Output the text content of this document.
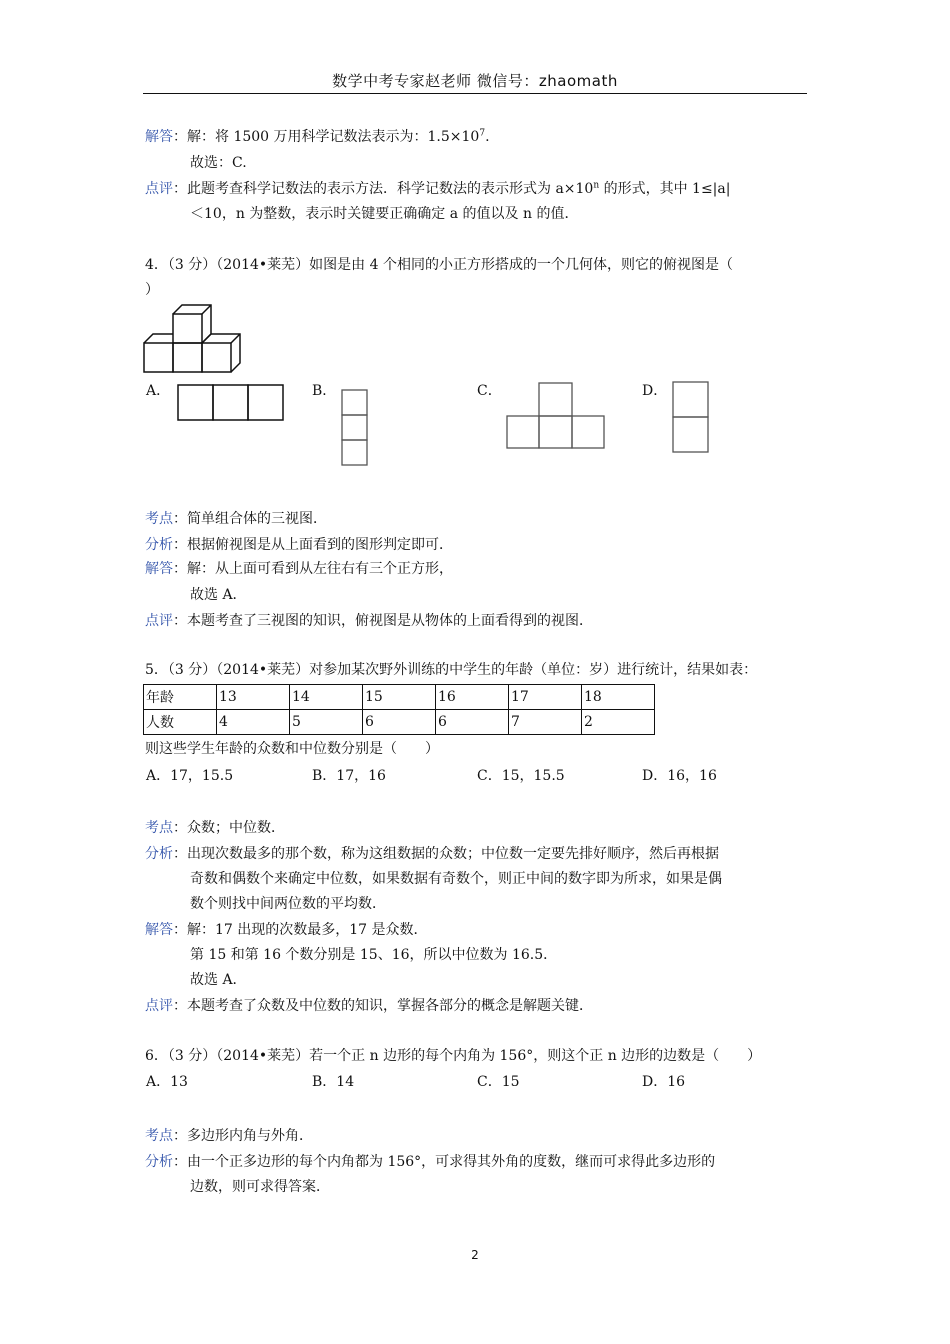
数学中考专家赵老师 微信号：zhaomath
解答：解：将 1500 万用科学记数法表示为：$1.5\times 10^7$.
故选：C.
点评：此题考查科学记数法的表示方法．科学记数法的表示形式为 $a\times 10^n$ 的形式，其中 1≤|a|
＜10，n 为整数，表示时关键要正确确定 a 的值以及 n 的值．
4．（3 分）（2014•莱芜）如图是由 4 个相同的小正方形搭成的一个几何体，则它的俯视图是（
）
A．	B．	C．	D．
考点：简单组合体的三视图．
分析：根据俯视图是从上面看到的图形判定即可．
解答：解：从上面可看到从左往右有三个正方形，
故选 A．
点评：本题考查了三视图的知识，俯视图是从物体的上面看得到的视图．
5．（3 分）（2014•莱芜）对参加某次野外训练的中学生的年龄（单位：岁）进行统计，结果如表：
年龄	13	14	15	16	17	18
人数	4	5	6	6	7	2
则这些学生年龄的众数和中位数分别是（　　）
A．17，15.5	B．17，16	C．15，15.5	D．16，16
考点：众数；中位数．
分析：出现次数最多的那个数，称为这组数据的众数；中位数一定要先排好顺序，然后再根据
奇数和偶数个来确定中位数，如果数据有奇数个，则正中间的数字即为所求，如果是偶
数个则找中间两位数的平均数．
解答：解：17 出现的次数最多，17 是众数．
第 15 和第 16 个数分别是 15、16，所以中位数为 16.5．
故选 A．
点评：本题考查了众数及中位数的知识，掌握各部分的概念是解题关键．
6．（3 分）（2014•莱芜）若一个正 n 边形的每个内角为 156°，则这个正 n 边形的边数是（　　）
A．13	B．14	C．15	D．16
考点：多边形内角与外角．
分析：由一个正多边形的每个内角都为 156°，可求得其外角的度数，继而可求得此多边形的
边数，则可求得答案．
2
